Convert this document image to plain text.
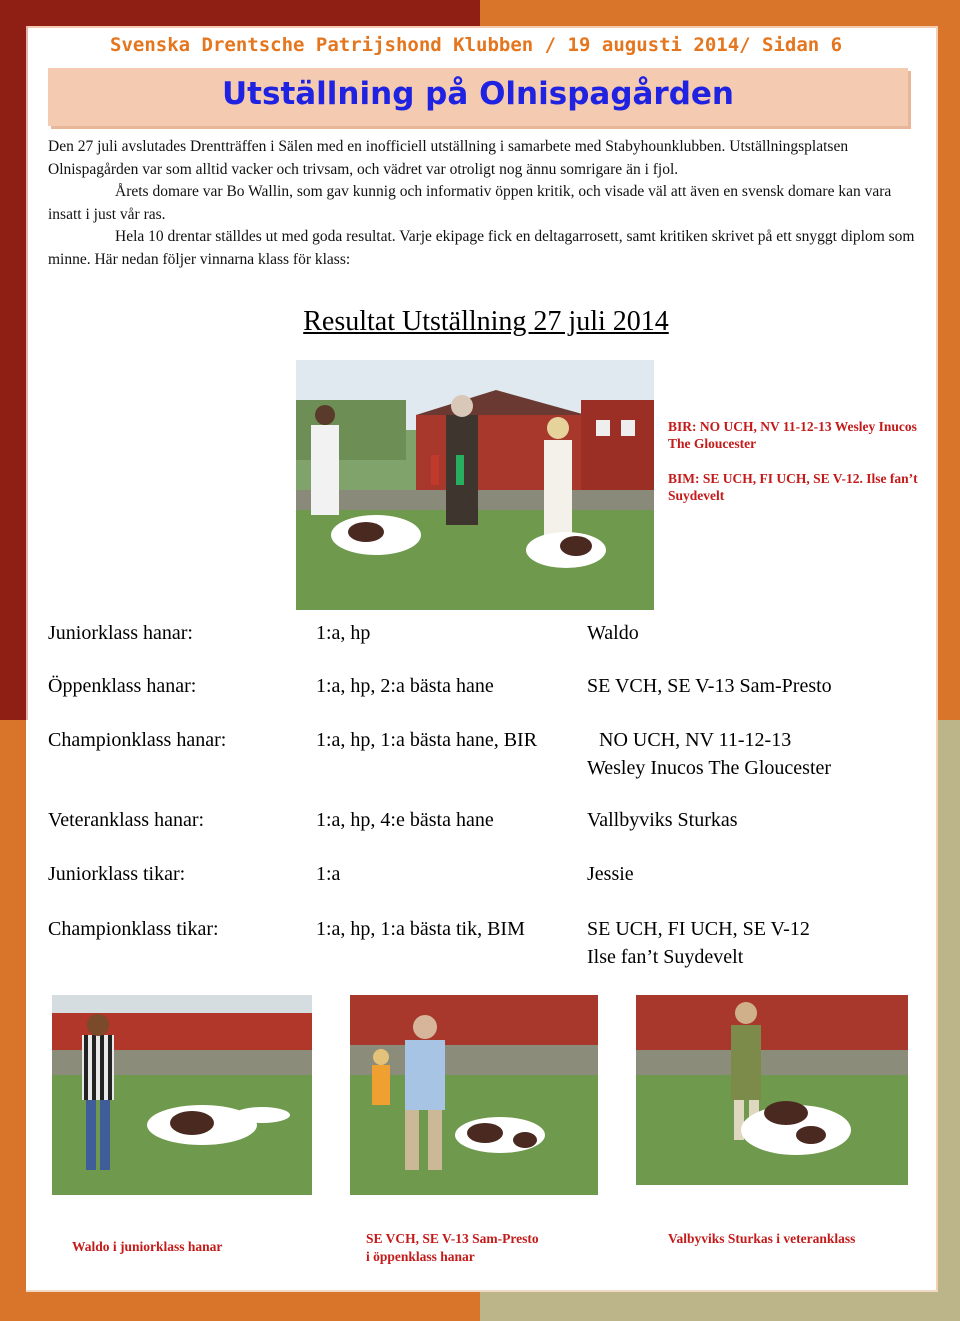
Svenska Drentsche Patrijshond Klubben / 19 augusti 2014/ Sidan 6
Utställning på Olnispagården

Den 27 juli avslutades Drentträffen i Sälen med en inofficiell utställning i samarbete med Stabyhounklubben. Utställningsplatsen Olnispagården var som alltid vacker och trivsam, och vädret var otroligt nog ännu somrigare än i fjol.

Årets domare var Bo Wallin, som gav kunnig och informativ öppen kritik, och visade väl att även en svensk domare kan vara insatt i just vår ras.

Hela 10 drentar ställdes ut med goda resultat. Varje ekipage fick en deltagarrosett, samt kritiken skrivet på ett snyggt diplom som minne. Här nedan följer vinnarna klass för klass:

Resultat Utställning 27 juli 2014

BIR: NO UCH, NV 11-12-13 Wesley Inucos The Gloucester

BIM: SE UCH, FI UCH, SE V-12. Ilse fan’t Suydevelt

Juniorklass hanar:	1:a, hp	Waldo
Öppenklass hanar:	1:a, hp, 2:a bästa hane	SE VCH, SE V-13 Sam-Presto
Championklass hanar:	1:a, hp, 1:a bästa hane, BIR	NO UCH, NV 11-12-13
Wesley Inucos The Gloucester
Veteranklass hanar:	1:a, hp, 4:e bästa hane	Vallbyviks Sturkas
Juniorklass tikar:	1:a	Jessie
Championklass tikar:	1:a, hp, 1:a bästa tik, BIM	SE UCH, FI UCH, SE V-12
Ilse fan’t Suydevelt
Waldo i juniorklass hanar
SE VCH, SE V-13 Sam-Presto
i öppenklass hanar
Valbyviks Sturkas i veteranklass
